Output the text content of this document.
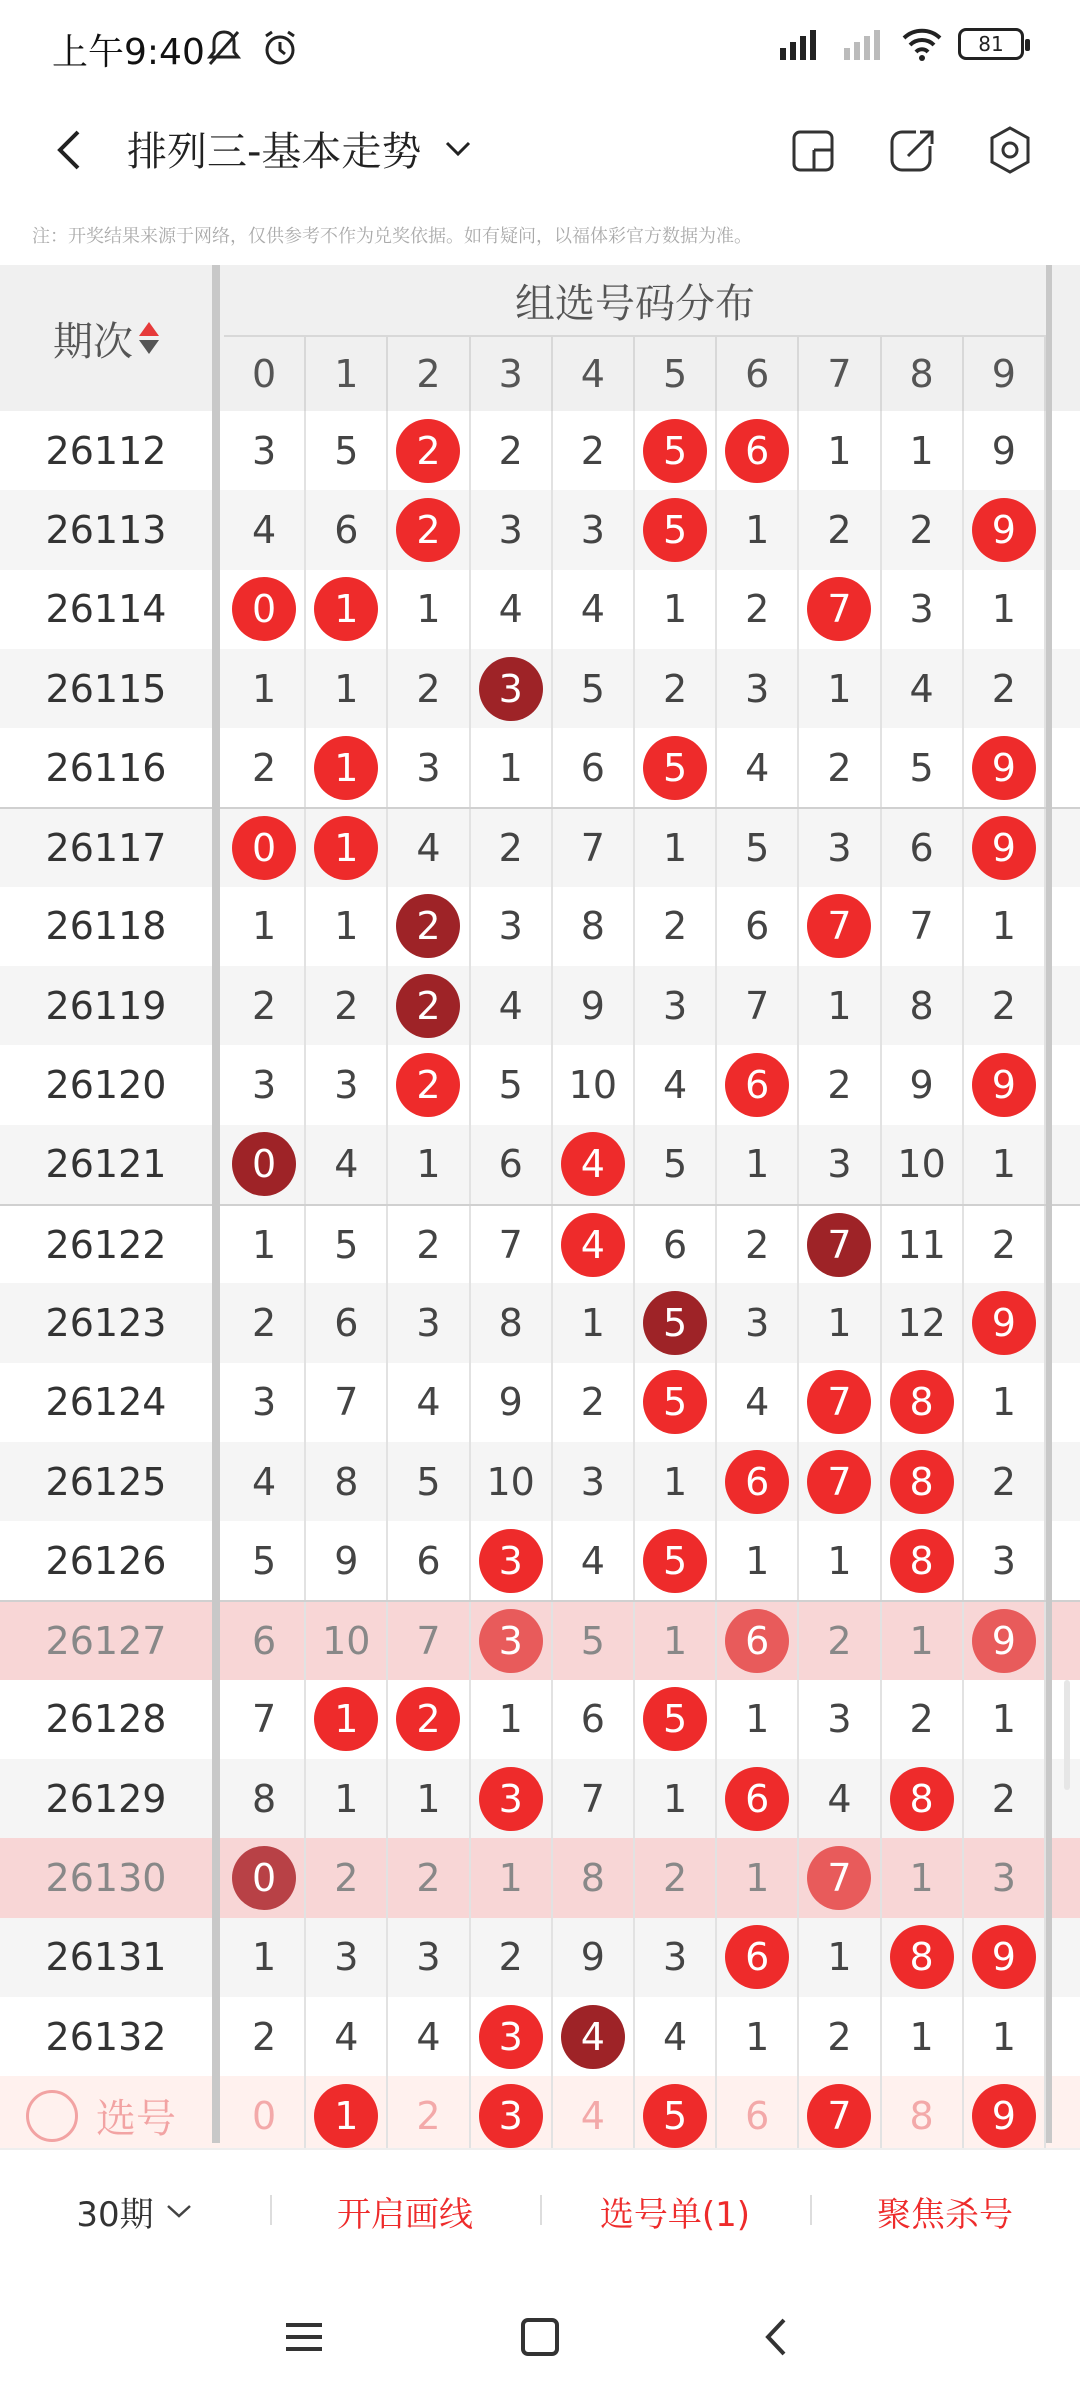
上午9:40	81
排列三-基本走势
注：开奖结果来源于网络，仅供参考不作为兑奖依据。如有疑问，以福体彩官方数据为准。
期次
组选号码分布
0	1	2	3	4	5	6	7	8	9
26112	3	5	2	2	2	5	6	1	1	9
26113	4	6	2	3	3	5	1	2	2	9
26114	0	1	1	4	4	1	2	7	3	1
26115	1	1	2	3	5	2	3	1	4	2
26116	2	1	3	1	6	5	4	2	5	9
26117	0	1	4	2	7	1	5	3	6	9
26118	1	1	2	3	8	2	6	7	7	1
26119	2	2	2	4	9	3	7	1	8	2
26120	3	3	2	5	10	4	6	2	9	9
26121	0	4	1	6	4	5	1	3	10	1
26122	1	5	2	7	4	6	2	7	11	2
26123	2	6	3	8	1	5	3	1	12	9
26124	3	7	4	9	2	5	4	7	8	1
26125	4	8	5	10	3	1	6	7	8	2
26126	5	9	6	3	4	5	1	1	8	3
26127	6	10	7	3	5	1	6	2	1	9
26128	7	1	2	1	6	5	1	3	2	1
26129	8	1	1	3	7	1	6	4	8	2
26130	0	2	2	1	8	2	1	7	1	3
26131	1	3	3	2	9	3	6	1	8	9
26132	2	4	4	3	4	4	1	2	1	1
选号	0	1	2	3	4	5	6	7	8	9
30期	开启画线	选号单(1)	聚焦杀号
